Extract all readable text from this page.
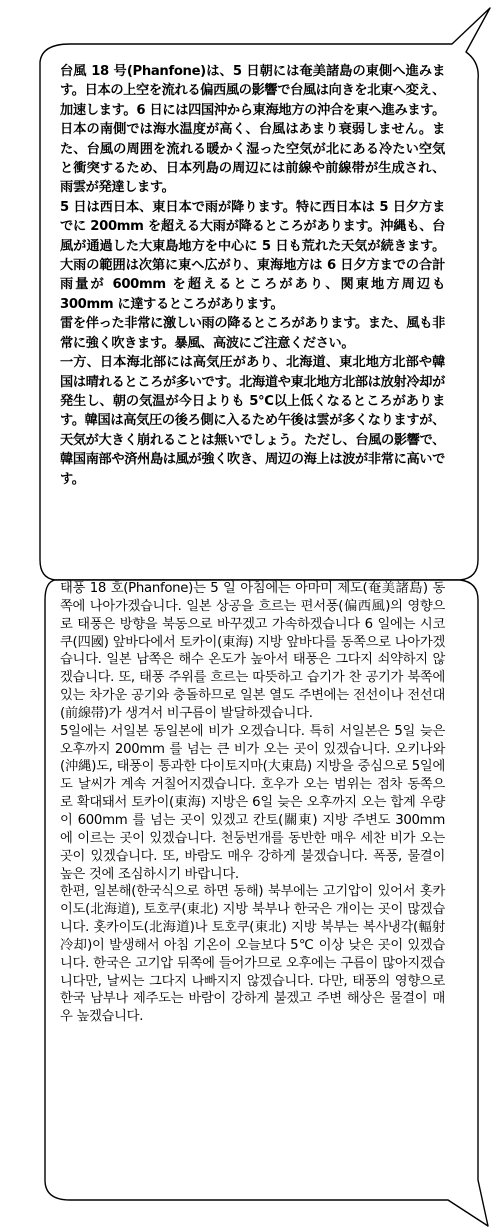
台風 18 号(Phanfone)は、5 日朝には奄美諸島の東側へ進みます。日本の上空を流れる偏西風の影響で台風は向きを北東へ変え、加速します。6 日には四国沖から東海地方の沖合を東へ進みます。日本の南側では海水温度が高く、台風はあまり衰弱しません。また、台風の周囲を流れる暖かく湿った空気が北にある冷たい空気と衝突するため、日本列島の周辺には前線や前線帯が生成され、雨雲が発達します。
5 日は西日本、東日本で雨が降ります。特に西日本は 5 日夕方までに 200mm を超える大雨が降るところがあります。沖縄も、台風が通過した大東島地方を中心に 5 日も荒れた天気が続きます。大雨の範囲は次第に東へ広がり、東海地方は 6 日夕方までの合計雨量が 600mm を超えるところがあり、関東地方周辺も 300mm に達するところがあります。
雷を伴った非常に激しい雨の降るところがあります。また、風も非常に強く吹きます。暴風、高波にご注意ください。
一方、日本海北部には高気圧があり、北海道、東北地方北部や韓国は晴れるところが多いです。北海道や東北地方北部は放射冷却が発生し、朝の気温が今日よりも 5°C以上低くなるところがあります。韓国は高気圧の後ろ側に入るため午後は雲が多くなりますが、天気が大きく崩れることは無いでしょう。ただし、台風の影響で、韓国南部や済州島は風が強く吹き、周辺の海上は波が非常に高いです。
태풍 18 호(Phanfone)는 5 일 아침에는 아마미 제도(奄美諸島) 동쪽에 나아가겠습니다. 일본 상공을 흐르는 편서풍(偏西風)의 영향으로 태풍은 방향을 북동으로 바꾸겠고 가속하겠습니다 6 일에는 시코쿠(四國) 앞바다에서 토카이(東海) 지방 앞바다를 동쪽으로 나아가겠습니다. 일본 남쪽은 해수 온도가 높아서 태풍은 그다지 쇠약하지 않겠습니다. 또, 태풍 주위를 흐르는 따뜻하고 습기가 찬 공기가 북쪽에 있는 차가운 공기와 충돌하므로 일본 열도 주변에는 전선이나 전선대(前線帯)가 생겨서 비구름이 발달하겠습니다.
5일에는 서일본 동일본에 비가 오겠습니다. 특히 서일본은 5일 늦은 오후까지 200mm 를 넘는 큰 비가 오는 곳이 있겠습니다. 오키나와(沖縄)도, 태풍이 통과한 다이토지마(大東島) 지방을 중심으로 5일에도 날씨가 계속 거칠어지겠습니다. 호우가 오는 범위는 점차 동쪽으로 확대돼서 토카이(東海) 지방은 6일 늦은 오후까지 오는 합계 우량이 600mm 를 넘는 곳이 있겠고 칸토(關東) 지방 주변도 300mm 에 이르는 곳이 있겠습니다. 천둥번개를 동반한 매우 세찬 비가 오는 곳이 있겠습니다. 또, 바람도 매우 강하게 불겠습니다. 폭풍, 물결이 높은 것에 조심하시기 바랍니다.
한편, 일본해(한국식으로 하면 동해) 북부에는 고기압이 있어서 홋카이도(北海道), 토호쿠(東北) 지방 북부나 한국은 개이는 곳이 많겠습니다. 홋카이도(北海道)나 토호쿠(東北) 지방 북부는 복사냉각(輻射冷却)이 발생해서 아침 기온이 오늘보다 5℃ 이상 낮은 곳이 있겠습니다. 한국은 고기압 뒤쪽에 들어가므로 오후에는 구름이 많아지겠습니다만, 날씨는 그다지 나빠지지 않겠습니다. 다만, 태풍의 영향으로 한국 남부나 제주도는 바람이 강하게 불겠고 주변 해상은 물결이 매우 높겠습니다.
